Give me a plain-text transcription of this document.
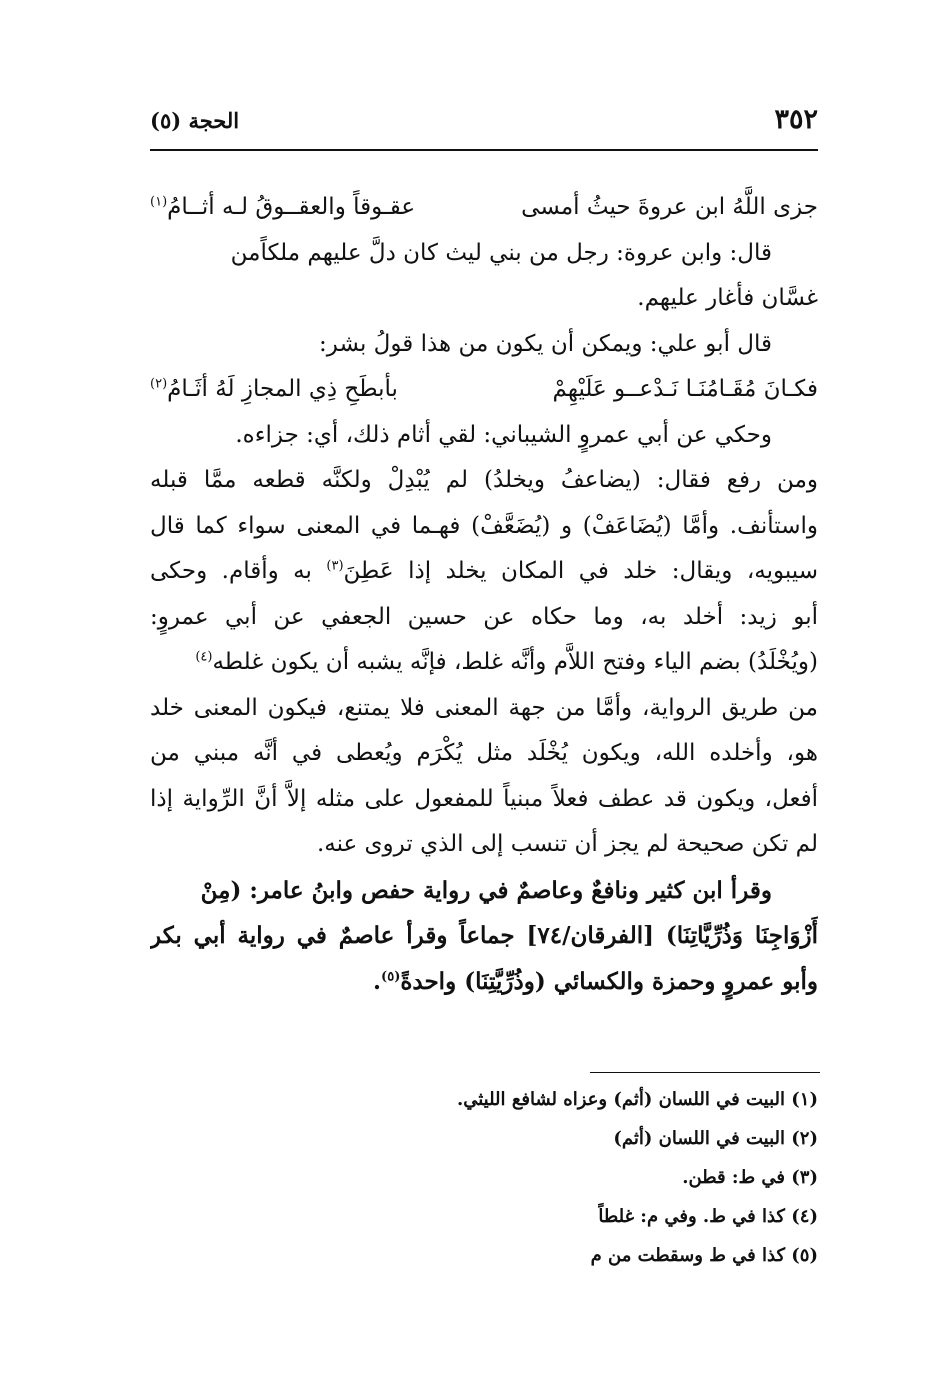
٣٥٢
الحجة (٥)
جزى اللَّهُ ابن عروةَ حيثُ أمسى
عقـوقاً والعقــوقُ لـه أثــامُ$^{(١)}$
قال: وابن عروة: رجل من بني ليث كان دلَّ عليهم ملكاًمن
غسَّان فأغار عليهم.
قال أبو علي: ويمكن أن يكون من هذا قولُ بشر:
فكـانَ مُقَـامُنَـا نَـدْعــو عَلَيْهِمْ
بأبطَحِ ذِي المجازِ لَهُ أثَـامُ$^{(٢)}$
وحكي عن أبي عمروٍ الشيباني: لقي أثام ذلك، أي: جزاءه.
ومن رفع فقال: (يضاعفُ ويخلدُ) لم يُبْدِلْ ولكنَّه قطعه ممَّا قبله
واستأنف. وأمَّا (يُضَاعَفْ) و (يُضَعَّفْ) فهـما في المعنى سواء كما قال
سيبويه، ويقال: خلد في المكان يخلد إذا عَطِنَ$^{(٣)}$ به وأقام. وحكى
أبو زيد: أخلد به، وما حكاه عن حسين الجعفي عن أبي عمروٍ:
(ويُخْلَدُ) بضم الياء وفتح اللاَّم وأنَّه غلط، فإنَّه يشبه أن يكون غلطه$^{(٤)}$
من طريق الرواية، وأمَّا من جهة المعنى فلا يمتنع، فيكون المعنى خلد
هو، وأخلده الله، ويكون يُخْلَد مثل يُكْرَم ويُعطى في أنَّه مبني من
أفعل، ويكون قد عطف فعلاً مبنياً للمفعول على مثله إلاَّ أنَّ الرِّواية إذا
لم تكن صحيحة لم يجز أن تنسب إلى الذي تروى عنه.
وقرأ ابن كثير ونافعٌ وعاصمٌ في رواية حفص وابنُ عامر: (مِنْ
أَزْوَاجِنَا وَذُرِّيَّاتِنَا) [الفرقان/٧٤] جماعاً وقرأ عاصمٌ في رواية أبي بكر
وأبو عمروٍ وحمزة والكسائي (وذُرِّيَّتِنَا) واحدةً$^{(٥)}$.
(١) البيت في اللسان (أثم) وعزاه لشافع الليثي.
(٢) البيت في اللسان (أثم)
(٣) في ط: قطن.
(٤) كذا في ط. وفي م: غلطاً
(٥) كذا في ط وسقطت من م
